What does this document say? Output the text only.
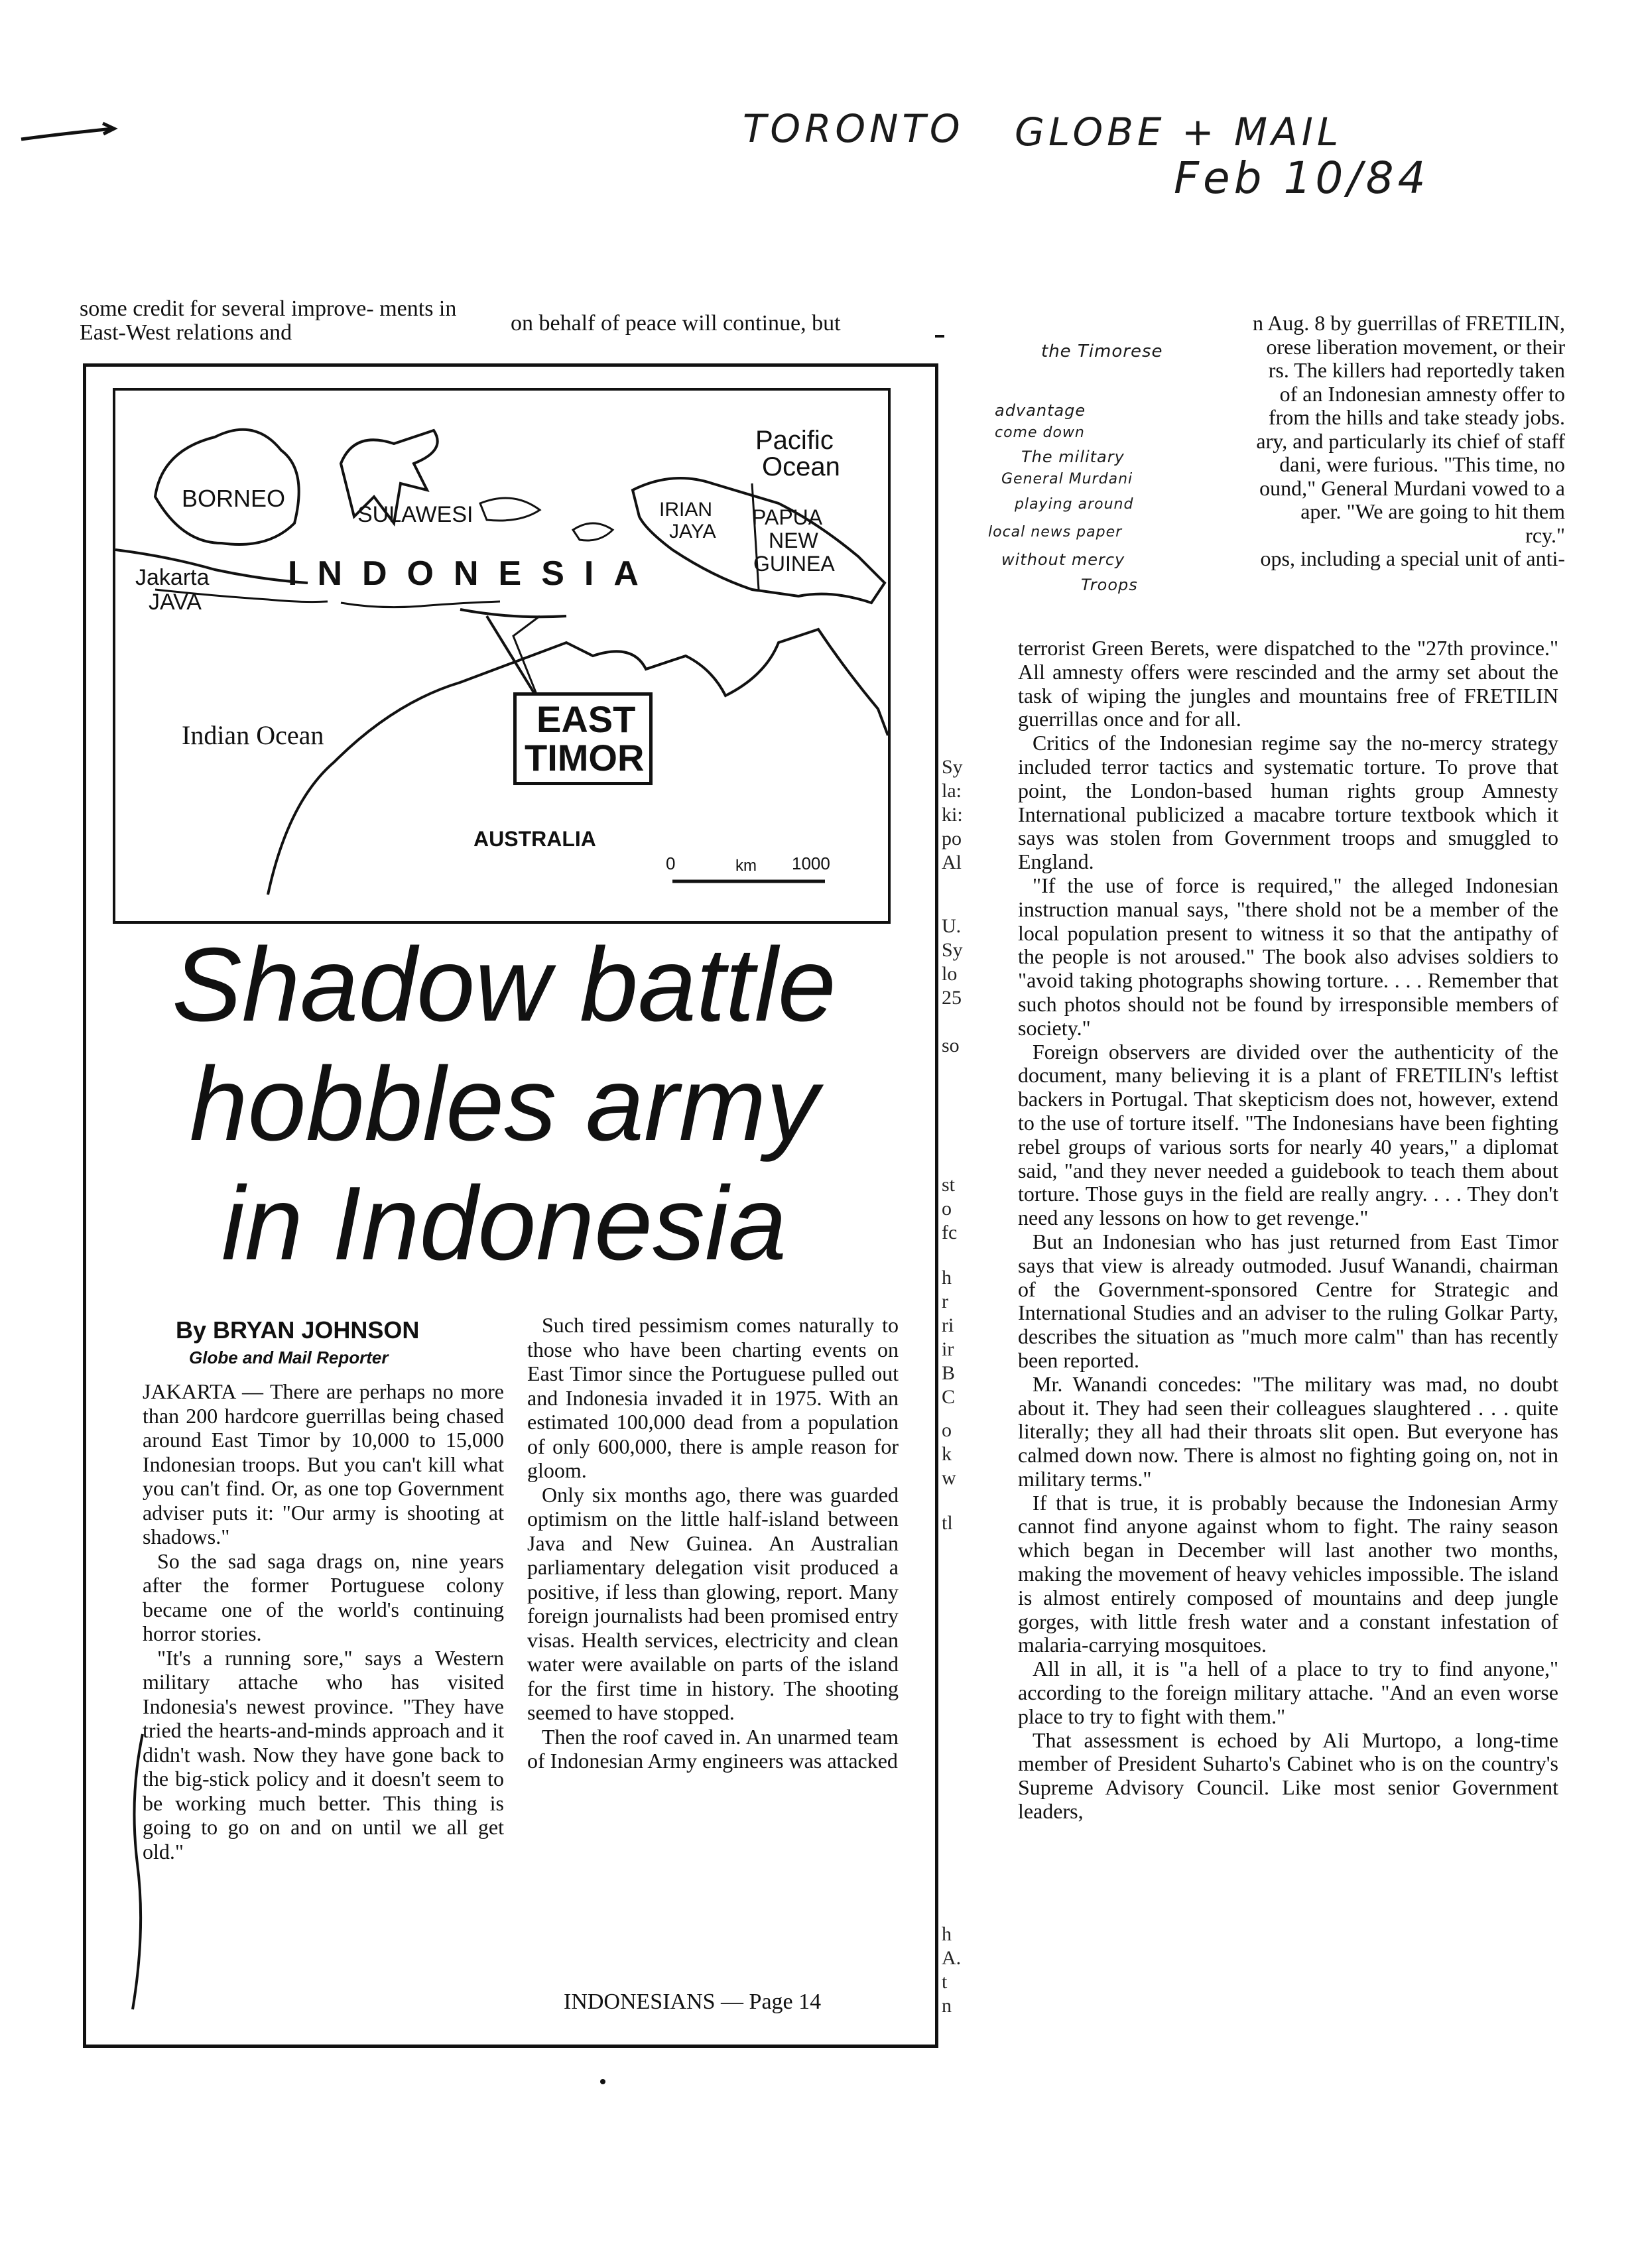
TORONTO GLOBE + MAIL
Feb 10/84
some credit for several improve- ments in East-West relations and	on behalf of peace will continue, but
BORNEO
SULAWESI
Pacific
Ocean
IRIAN
JAYA
PAPUA
NEW
GUINEA
Jakarta
JAVA
INDONESIA
EAST
TIMOR
Indian Ocean
AUSTRALIA
0	km 1000
Shadow battle
hobbles army
in Indonesia
By BRYAN JOHNSON
Globe and Mail Reporter

JAKARTA — There are perhaps no more than 200 hardcore guerrillas being chased around East Timor by 10,000 to 15,000 Indonesian troops. But you can't kill what you can't find. Or, as one top Government adviser puts it: "Our army is shooting at shadows."

So the sad saga drags on, nine years after the former Portuguese colony became one of the world's continuing horror stories.

"It's a running sore," says a Western military attache who has visited Indonesia's newest province. "They have tried the hearts-and-minds approach and it didn't wash. Now they have gone back to the big-stick policy and it doesn't seem to be working much better. This thing is going to go on and on until we all get old."

Such tired pessimism comes naturally to those who have been charting events on East Timor since the Portuguese pulled out and Indonesia invaded it in 1975. With an estimated 100,000 dead from a population of only 600,000, there is ample reason for gloom.

Only six months ago, there was guarded optimism on the little half-island between Java and New Guinea. An Australian parliamentary delegation visit produced a positive, if less than glowing, report. Many foreign journalists had been promised entry visas. Health services, electricity and clean water were available on parts of the island for the first time in history. The shooting seemed to have stopped.

Then the roof caved in. An unarmed team of Indonesian Army engineers was attacked

INDONESIANS — Page 14
Sy
la:
ki:
po
Al
U.
Sy
lo
25
so
st
o
fc
h
r
ri
ir
B
C
o
k
w
tl
h
A.
t
n
n Aug. 8 by guerrillas of FRETILIN,
orese liberation movement, or their
rs. The killers had reportedly taken
of an Indonesian amnesty offer to
from the hills and take steady jobs.
ary, and particularly its chief of staff
dani, were furious. "This time, no
ound," General Murdani vowed to a
aper. "We are going to hit them
rcy."
ops, including a special unit of anti-
the Timorese
advantage
come down
The military
General Murdani
playing around
local news paper
without mercy
Troops

terrorist Green Berets, were dispatched to the "27th province." All amnesty offers were rescinded and the army set about the task of wiping the jungles and mountains free of FRETILIN guerrillas once and for all.

Critics of the Indonesian regime say the no-mercy strategy included terror tactics and systematic torture. To prove that point, the London-based human rights group Amnesty International publicized a macabre torture textbook which it says was stolen from Government troops and smuggled to England.

"If the use of force is required," the alleged Indonesian instruction manual says, "there shold not be a member of the local population present to witness it so that the antipathy of the people is not aroused." The book also advises soldiers to "avoid taking photographs showing torture. . . . Remember that such photos should not be found by irresponsible members of society."

Foreign observers are divided over the authenticity of the document, many believing it is a plant of FRETILIN's leftist backers in Portugal. That skepticism does not, however, extend to the use of torture itself. "The Indonesians have been fighting rebel groups of various sorts for nearly 40 years," a diplomat said, "and they never needed a guidebook to teach them about torture. Those guys in the field are really angry. . . . They don't need any lessons on how to get revenge."

But an Indonesian who has just returned from East Timor says that view is already outmoded. Jusuf Wanandi, chairman of the Government-sponsored Centre for Strategic and International Studies and an adviser to the ruling Golkar Party, describes the situation as "much more calm" than has recently been reported.

Mr. Wanandi concedes: "The military was mad, no doubt about it. They had seen their colleagues slaughtered . . . quite literally; they all had their throats slit open. But everyone has calmed down now. There is almost no fighting going on, not in military terms."

If that is true, it is probably because the Indonesian Army cannot find anyone against whom to fight. The rainy season which began in December will last another two months, making the movement of heavy vehicles impossible. The island is almost entirely composed of mountains and deep jungle gorges, with little fresh water and a constant infestation of malaria-carrying mosquitoes.

All in all, it is "a hell of a place to try to find anyone," according to the foreign military attache. "And an even worse place to try to fight with them."

That assessment is echoed by Ali Murtopo, a long-time member of President Suharto's Cabinet who is on the country's Supreme Advisory Council. Like most senior Government leaders,
